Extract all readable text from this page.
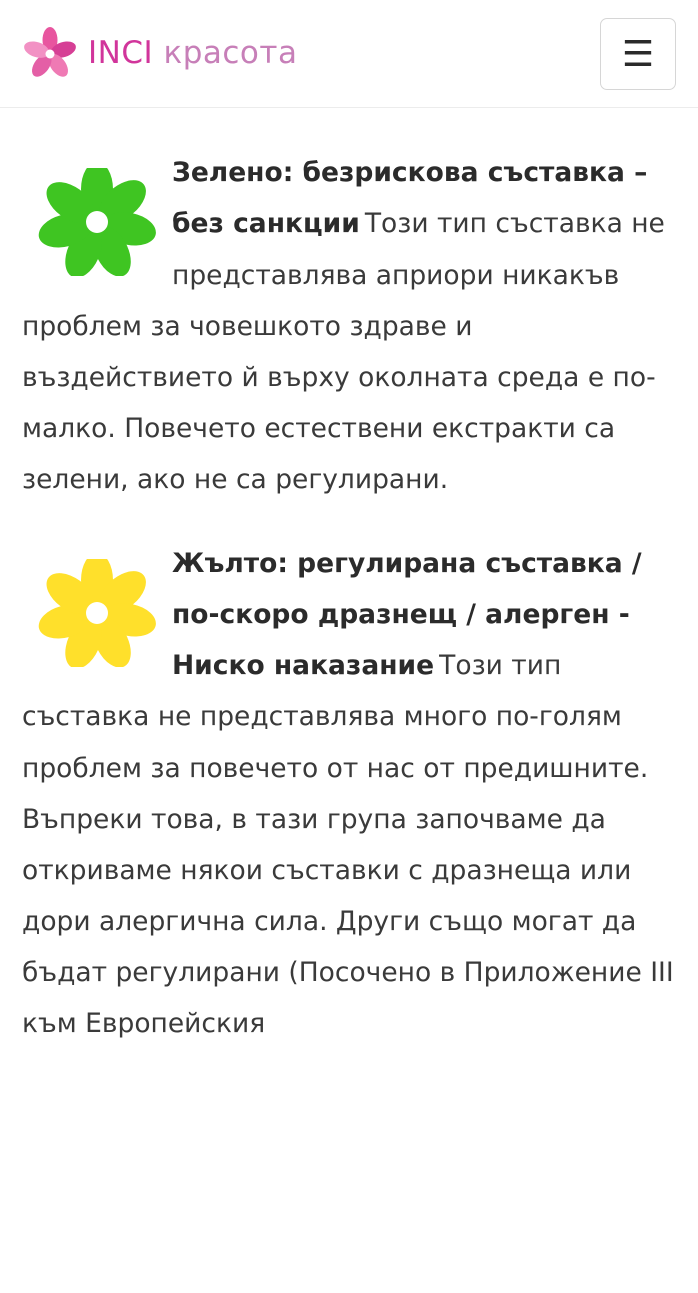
INCI красота	☰
Зелено: безрискова съставка – без санкции Този тип съставка не представлява априори никакъв проблем за човешкото здраве и въздействието й върху околната среда е по-малко. Повечето естествени екстракти са зелени, ако не са регулирани.
Жълто: регулирана съставка / по-скоро дразнещ / алерген - Ниско наказание Този тип съставка не представлява много по-голям проблем за повечето от нас от предишните. Въпреки това, в тази група започваме да откриваме някои съставки с дразнеща или дори алергична сила. Други също могат да бъдат регулирани (Посочено в Приложение III към Европейския
